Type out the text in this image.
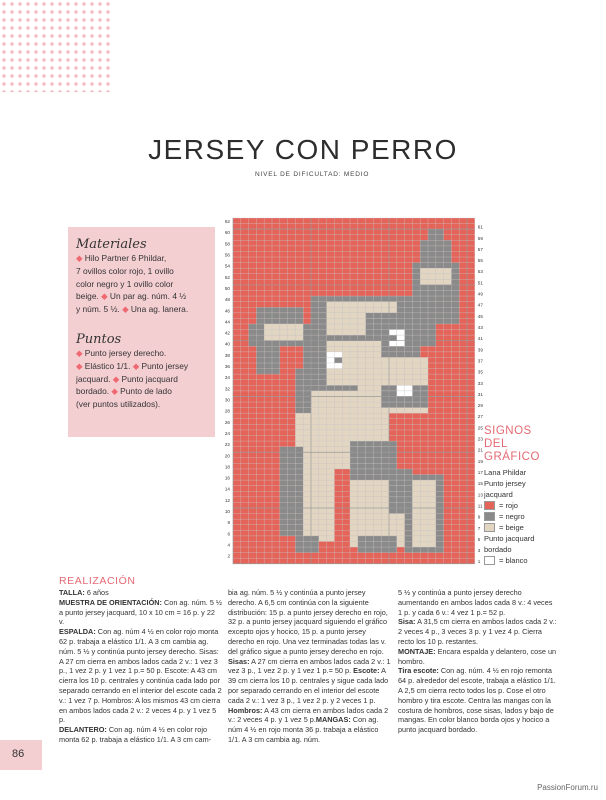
JERSEY CON PERRO
NIVEL DE DIFICULTAD: MEDIO

Materiales

◆ Hilo Partner 6 Phildar,

7 ovillos color rojo, 1 ovillo

color negro y 1 ovillo color

beige. ◆ Un par ag. núm. 4 ½

y núm. 5 ½. ◆ Una ag. lanera.

Puntos

◆ Punto jersey derecho.

◆ Elástico 1/1. ◆ Punto jersey

jacquard. ◆ Punto jacquard

bordado. ◆ Punto de lado

(ver puntos utilizados).

62
60
58
56
54
52
50
48
46
44
42
40
38
36
34
32
30
28
26
24
22
20
18
16
14
12
10
8
6
4
2
61
59
57
55
53
51
49
47
45
43
41
39
37
35
33
31
29
27
25
23
21
19
17
15
13
11
9
7
5
3
1

SIGNOS

DEL

GRÁFICO

Lana Phildar

Punto jersey

jacquard

= rojo
= negro
= beige

Punto jacquard

bordado

= blanco
REALIZACIÓN
TALLA: 6 años
MUESTRA DE ORIENTACIÓN: Con ag. núm. 5 ½ a punto jersey jacquard, 10 x 10 cm = 16 p. y 22 v.
ESPALDA: Con ag. núm 4 ½ en color rojo monta 62 p. trabaja a elástico 1/1. A 3 cm cambia ag. núm. 5 ½ y continúa punto jersey derecho. Sisas: A 27 cm cierra en ambos lados cada 2 v.: 1 vez 3 p., 1 vez 2 p. y 1 vez 1 p.= 50 p. Escote: A 43 cm cierra los 10 p. centrales y continúa cada lado por separado cerrando en el interior del escote cada 2 v.: 1 vez 7 p. Hombros: A los mismos 43 cm cierra en ambos lados cada 2 v.: 2 veces 4 p. y 1 vez 5 p.
DELANTERO: Con ag. núm 4 ½ en color rojo monta 62 p. trabaja a elástico 1/1. A 3 cm cam-
bia ag. núm. 5 ½ y continúa a punto jersey derecho. A 6,5 cm continúa con la siguiente distribución: 15 p. a punto jersey derecho en rojo, 32 p. a punto jersey jacquard siguiendo el gráfico excepto ojos y hocico, 15 p. a punto jersey derecho en rojo. Una vez terminadas todas las v. del gráfico sigue a punto jersey derecho en rojo. Sisas: A 27 cm cierra en ambos lados cada 2 v.: 1 vez 3 p., 1 vez 2 p. y 1 vez 1 p.= 50 p. Escote: A 39 cm cierra los 10 p. centrales y sigue cada lado por separado cerrando en el interior del escote cada 2 v.: 1 vez 3 p., 1 vez 2 p. y 2 veces 1 p. Hombros: A 43 cm cierra en ambos lados cada 2 v.: 2 veces 4 p. y 1 vez 5 p.MANGAS: Con ag. núm 4 ½ en rojo monta 36 p. trabaja a elástico 1/1. A 3 cm cambia ag. núm.
5 ½ y continúa a punto jersey derecho aumentando en ambos lados cada 8 v.: 4 veces 1 p. y cada 6 v.: 4 vez 1 p.= 52 p.
Sisa: A 31,5 cm cierra en ambos lados cada 2 v.: 2 veces 4 p., 3 veces 3 p. y 1 vez 4 p. Cierra recto los 10 p. restantes.
MONTAJE: Encara espalda y delantero, cose un hombro.
Tira escote: Con ag. núm. 4 ½ en rojo remonta 64 p. alrededor del escote, trabaja a elástico 1/1. A 2,5 cm cierra recto todos los p. Cose el otro hombro y tira escote. Centra las mangas con la costura de hombros, cose sisas, lados y bajo de mangas. En color blanco borda ojos y hocico a punto jacquard bordado.
86
PassionForum.ru
